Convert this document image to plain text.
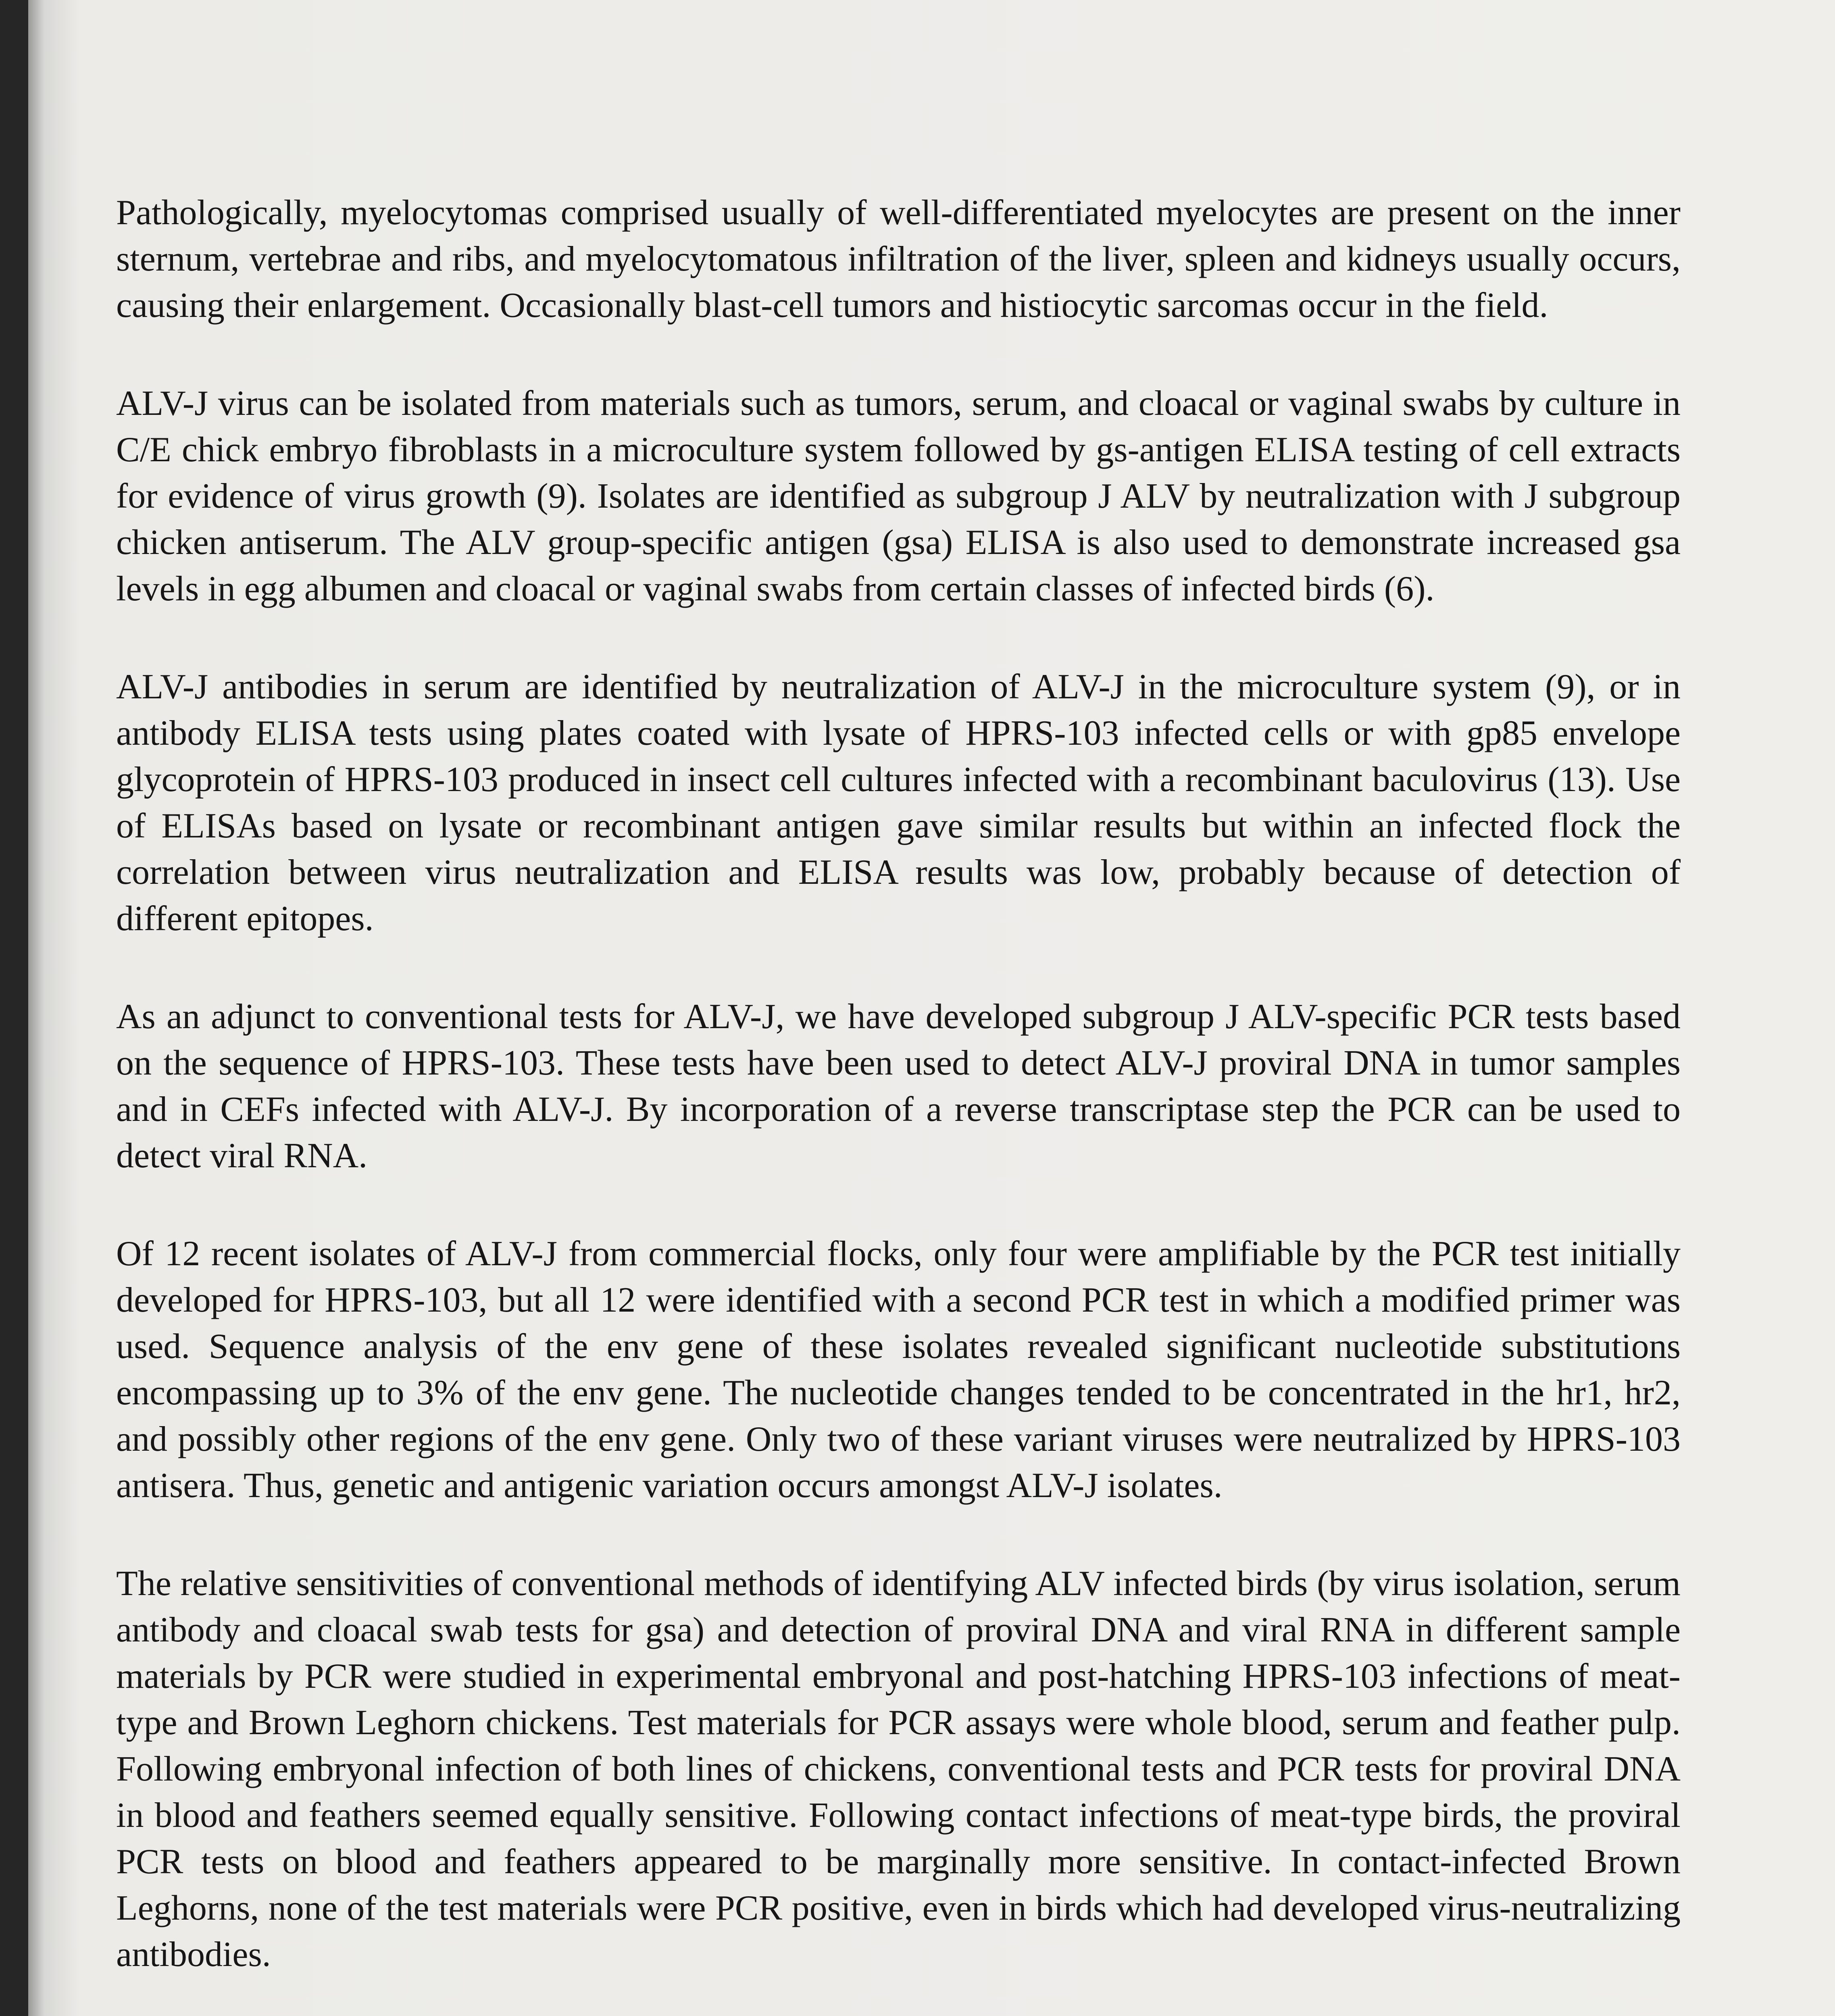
Pathologically, myelocytomas comprised usually of well-differentiated myelocytes are present on the inner sternum, vertebrae and ribs, and myelocytomatous infiltration of the liver, spleen and kidneys usually occurs, causing their enlargement. Occasionally blast-cell tumors and histiocytic sarcomas occur in the field.

ALV-J virus can be isolated from materials such as tumors, serum, and cloacal or vaginal swabs by culture in C/E chick embryo fibroblasts in a microculture system followed by gs-antigen ELISA testing of cell extracts for evidence of virus growth (9). Isolates are identified as subgroup J ALV by neutralization with J subgroup chicken antiserum. The ALV group-specific antigen (gsa) ELISA is also used to demonstrate increased gsa levels in egg albumen and cloacal or vaginal swabs from certain classes of infected birds (6).

ALV-J antibodies in serum are identified by neutralization of ALV-J in the microculture system (9), or in antibody ELISA tests using plates coated with lysate of HPRS-103 infected cells or with gp85 envelope glycoprotein of HPRS-103 produced in insect cell cultures infected with a recombinant baculovirus (13). Use of ELISAs based on lysate or recombinant antigen gave similar results but within an infected flock the correlation between virus neutralization and ELISA results was low, probably because of detection of different epitopes.

As an adjunct to conventional tests for ALV-J, we have developed subgroup J ALV-specific PCR tests based on the sequence of HPRS-103. These tests have been used to detect ALV-J proviral DNA in tumor samples and in CEFs infected with ALV-J. By incorporation of a reverse transcriptase step the PCR can be used to detect viral RNA.

Of 12 recent isolates of ALV-J from commercial flocks, only four were amplifiable by the PCR test initially developed for HPRS-103, but all 12 were identified with a second PCR test in which a modified primer was used. Sequence analysis of the env gene of these isolates revealed significant nucleotide substitutions encompassing up to 3% of the env gene. The nucleotide changes tended to be concentrated in the hr1, hr2, and possibly other regions of the env gene. Only two of these variant viruses were neutralized by HPRS-103 antisera. Thus, genetic and antigenic variation occurs amongst ALV-J isolates.

The relative sensitivities of conventional methods of identifying ALV infected birds (by virus isolation, serum antibody and cloacal swab tests for gsa) and detection of proviral DNA and viral RNA in different sample materials by PCR were studied in experimental embryonal and post-hatching HPRS-103 infections of meat-type and Brown Leghorn chickens. Test materials for PCR assays were whole blood, serum and feather pulp. Following embryonal infection of both lines of chickens, conventional tests and PCR tests for proviral DNA in blood and feathers seemed equally sensitive. Following contact infections of meat-type birds, the proviral PCR tests on blood and feathers appeared to be marginally more sensitive. In contact-infected Brown Leghorns, none of the test materials were PCR positive, even in birds which had developed virus-neutralizing antibodies.
